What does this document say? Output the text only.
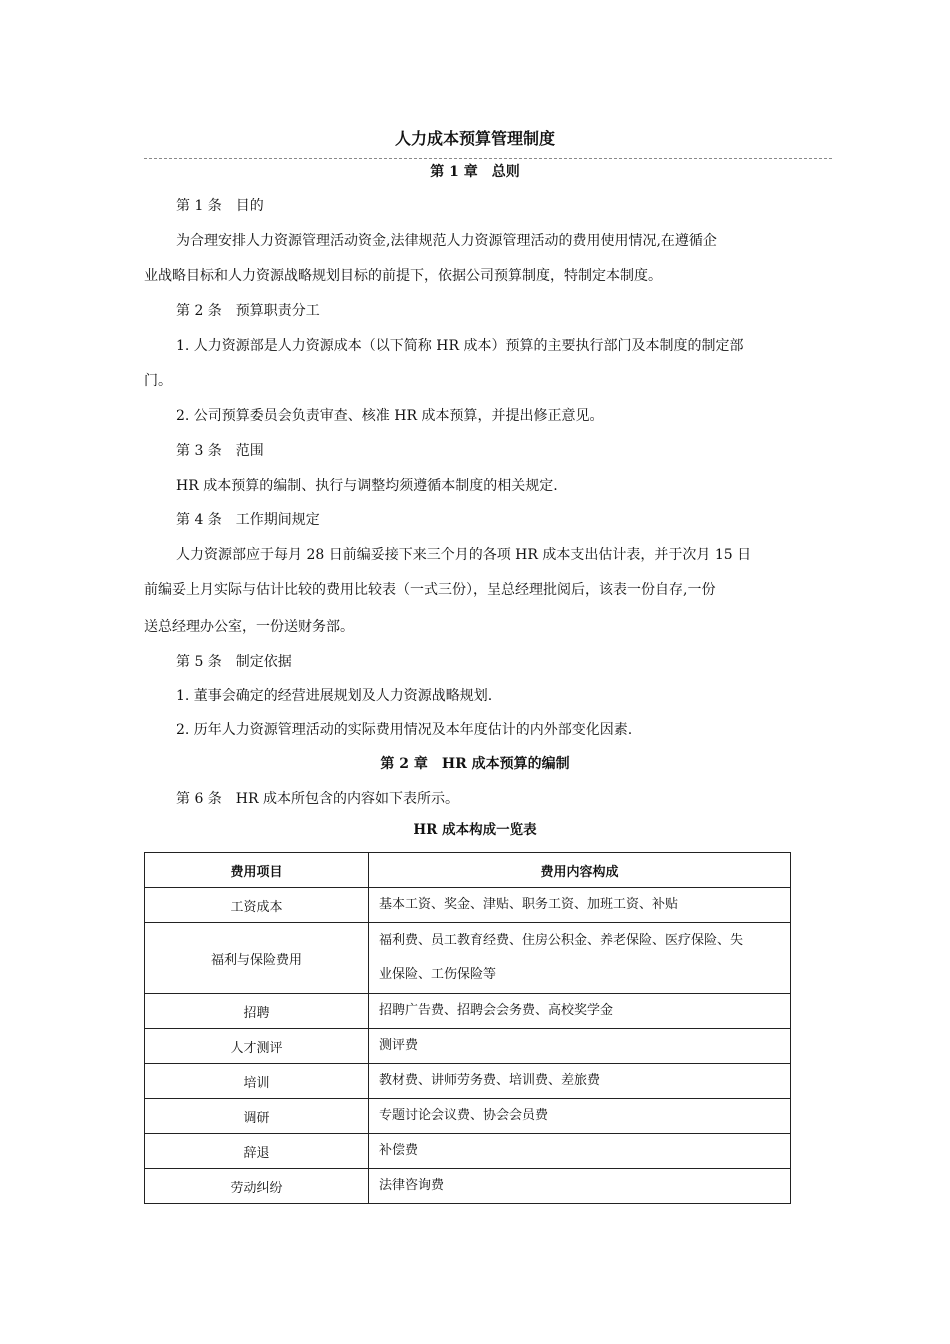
人力成本预算管理制度
第 1 章　总则
第 1 条　目的
为合理安排人力资源管理活动资金,法律规范人力资源管理活动的费用使用情况,在遵循企
业战略目标和人力资源战略规划目标的前提下，依据公司预算制度，特制定本制度。
第 2 条　预算职责分工
1. 人力资源部是人力资源成本（以下简称 HR 成本）预算的主要执行部门及本制度的制定部
门。
2. 公司预算委员会负责审查、核准 HR 成本预算，并提出修正意见。
第 3 条　范围
HR 成本预算的编制、执行与调整均须遵循本制度的相关规定.
第 4 条　工作期间规定
人力资源部应于每月 28 日前编妥接下来三个月的各项 HR 成本支出估计表，并于次月 15 日
前编妥上月实际与估计比较的费用比较表（一式三份），呈总经理批阅后，该表一份自存,一份
送总经理办公室，一份送财务部。
第 5 条　制定依据
1. 董事会确定的经营进展规划及人力资源战略规划.
2. 历年人力资源管理活动的实际费用情况及本年度估计的内外部变化因素.
第 2 章　HR 成本预算的编制
第 6 条　HR 成本所包含的内容如下表所示。
HR 成本构成一览表
费用项目	费用内容构成
工资成本	基本工资、奖金、津贴、职务工资、加班工资、补贴
福利与保险费用	福利费、员工教育经费、住房公积金、养老保险、医疗保险、失
业保险、工伤保险等

招聘	招聘广告费、招聘会会务费、高校奖学金
人才测评	测评费
培训	教材费、讲师劳务费、培训费、差旅费
调研	专题讨论会议费、协会会员费
辞退	补偿费
劳动纠纷	法律咨询费
